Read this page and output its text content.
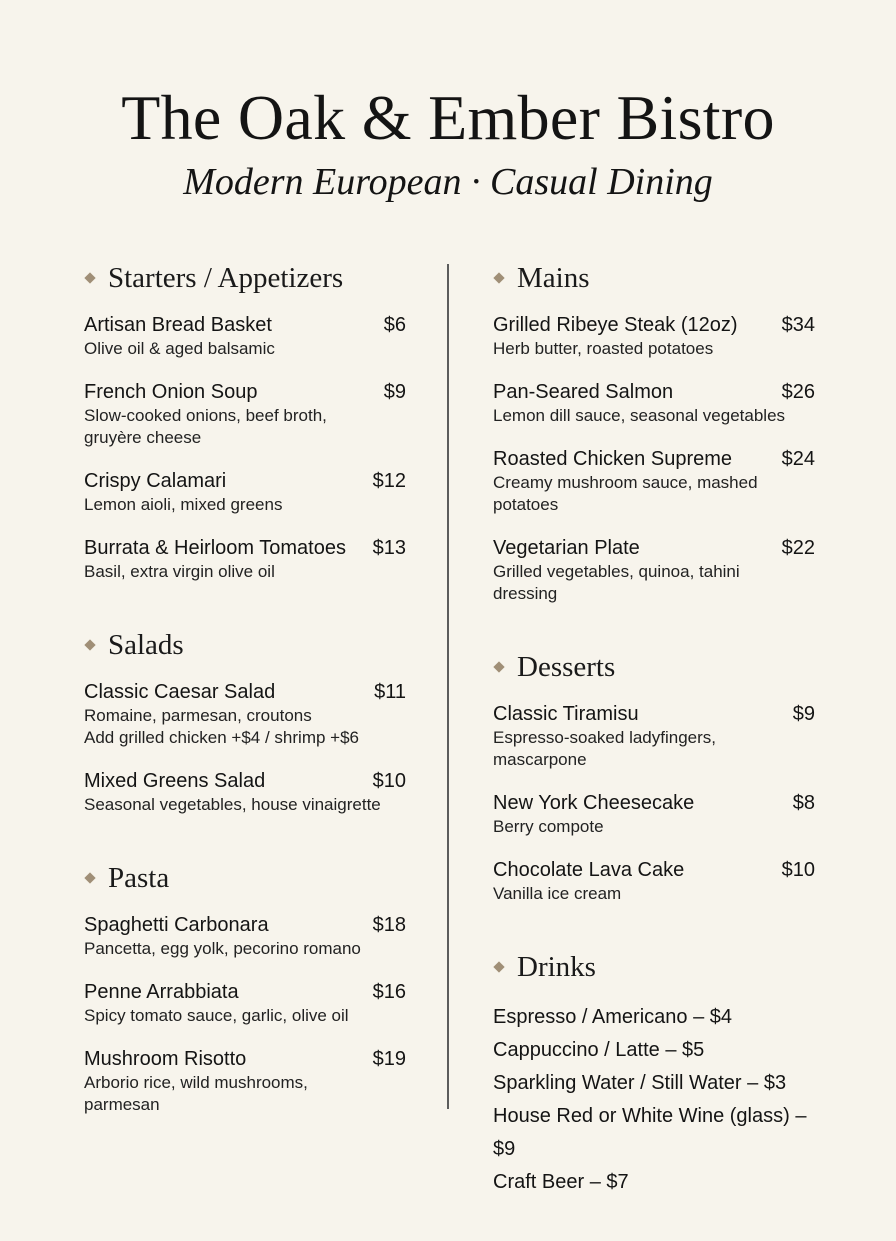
The Oak & Ember Bistro
Modern European · Casual Dining
Starters / Appetizers
Artisan Bread Basket	$6
Olive oil & aged balsamic
French Onion Soup	$9
Slow-cooked onions, beef broth, gruyère cheese
Crispy Calamari	$12
Lemon aioli, mixed greens
Burrata & Heirloom Tomatoes $13
Basil, extra virgin olive oil
Salads
Classic Caesar Salad	$11
Romaine, parmesan, croutons
Add grilled chicken +$4 / shrimp +$6
Mixed Greens Salad	$10
Seasonal vegetables, house vinaigrette
Pasta
Spaghetti Carbonara	$18
Pancetta, egg yolk, pecorino romano
Penne Arrabbiata	$16
Spicy tomato sauce, garlic, olive oil
Mushroom Risotto	$19
Arborio rice, wild mushrooms, parmesan
Mains
Grilled Ribeye Steak (12oz) $34
Herb butter, roasted potatoes
Pan-Seared Salmon	$26
Lemon dill sauce, seasonal vegetables
Roasted Chicken Supreme $24
Creamy mushroom sauce, mashed potatoes
Vegetarian Plate	$22
Grilled vegetables, quinoa, tahini dressing
Desserts
Classic Tiramisu	$9
Espresso-soaked ladyfingers, mascarpone
New York Cheesecake	$8
Berry compote
Chocolate Lava Cake	$10
Vanilla ice cream
Drinks
Espresso / Americano – $4
Cappuccino / Latte – $5
Sparkling Water / Still Water – $3
House Red or White Wine (glass) – $9
Craft Beer – $7
